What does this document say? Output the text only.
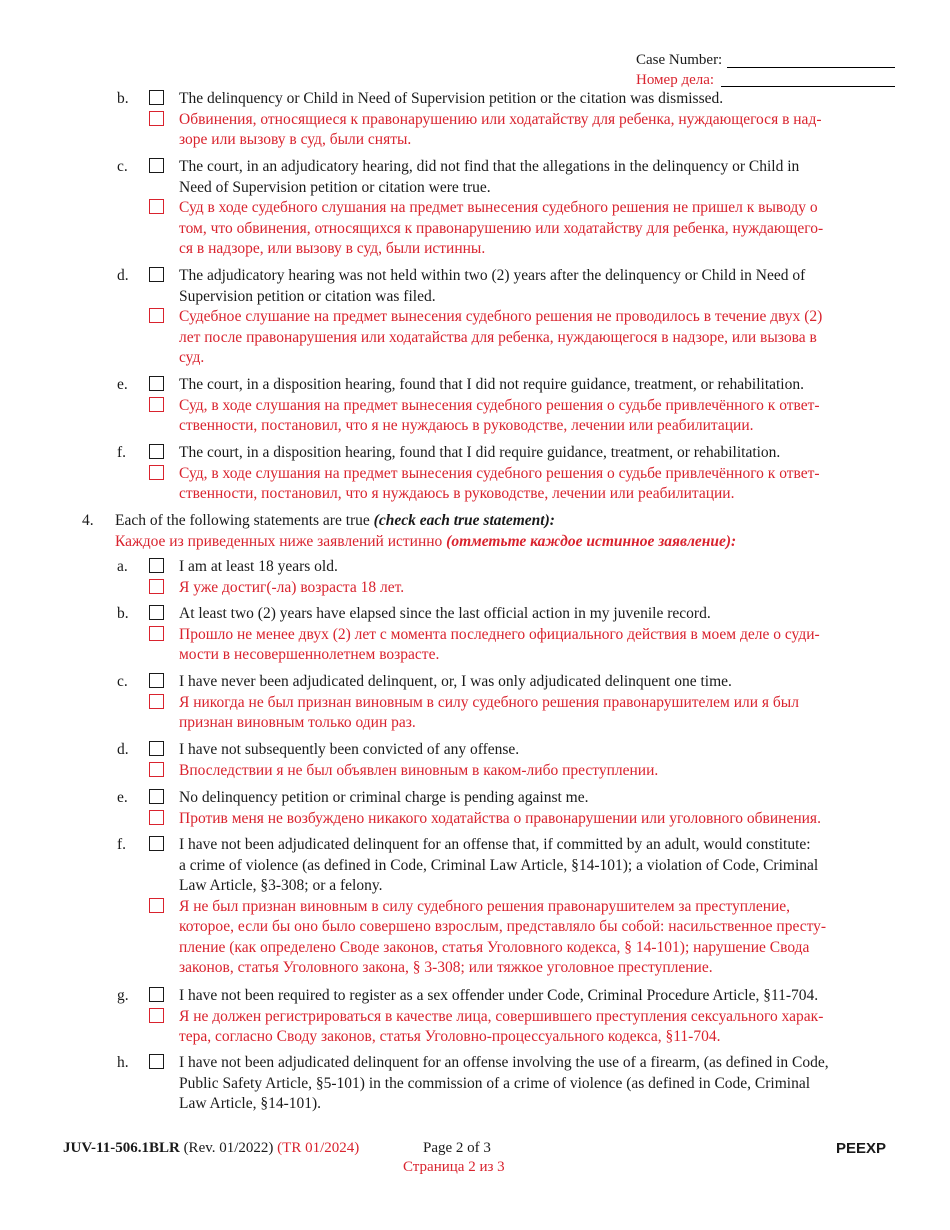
Case Number:
Номер дела:
b.	The delinquency or Child in Need of Supervision petition or the citation was dismissed.
Обвинения, относящиеся к правонарушению или ходатайству для ребенка, нуждающегося в над-
зоре или вызову в суд, были сняты.
c.	The court, in an adjudicatory hearing, did not find that the allegations in the delinquency or Child in
Need of Supervision petition or citation were true.
Суд в ходе судебного слушания на предмет вынесения судебного решения не пришел к выводу о
том, что обвинения, относящихся к правонарушению или ходатайству для ребенка, нуждающего-
ся в надзоре, или вызову в суд, были истинны.
d.	The adjudicatory hearing was not held within two (2) years after the delinquency or Child in Need of
Supervision petition or citation was filed.
Судебное слушание на предмет вынесения судебного решения не проводилось в течение двух (2)
лет после правонарушения или ходатайства для ребенка, нуждающегося в надзоре, или вызова в
суд.
e.	The court, in a disposition hearing, found that I did not require guidance, treatment, or rehabilitation.
Суд, в ходе слушания на предмет вынесения судебного решения о судьбе привлечённого к ответ-
ственности, постановил, что я не нуждаюсь в руководстве, лечении или реабилитации.
f.	The court, in a disposition hearing, found that I did require guidance, treatment, or rehabilitation.
Суд, в ходе слушания на предмет вынесения судебного решения о судьбе привлечённого к ответ-
ственности, постановил, что я нуждаюсь в руководстве, лечении или реабилитации.
4. Each of the following statements are true (check each true statement):
Каждое из приведенных ниже заявлений истинно (отметьте каждое истинное заявление):
a.	I am at least 18 years old.
Я уже достиг(-ла) возраста 18 лет.
b.	At least two (2) years have elapsed since the last official action in my juvenile record.
Прошло не менее двух (2) лет с момента последнего официального действия в моем деле о суди-
мости в несовершеннолетнем возрасте.
c.	I have never been adjudicated delinquent, or, I was only adjudicated delinquent one time.
Я никогда не был признан виновным в силу судебного решения правонарушителем или я был
признан виновным только один раз.
d.	I have not subsequently been convicted of any offense.
Впоследствии я не был объявлен виновным в каком-либо преступлении.
e.	No delinquency petition or criminal charge is pending against me.
Против меня не возбуждено никакого ходатайства о правонарушении или уголовного обвинения.
f.	I have not been adjudicated delinquent for an offense that, if committed by an adult, would constitute:
a crime of violence (as defined in Code, Criminal Law Article, §14-101); a violation of Code, Criminal
Law Article, §3-308; or a felony.
Я не был признан виновным в силу судебного решения правонарушителем за преступление,
которое, если бы оно было совершено взрослым, представляло бы собой: насильственное престу-
пление (как определено Своде законов, статья Уголовного кодекса, § 14-101); нарушение Свода
законов, статья Уголовного закона, § 3-308; или тяжкое уголовное преступление.
g.	I have not been required to register as a sex offender under Code, Criminal Procedure Article, §11-704.
Я не должен регистрироваться в качестве лица, совершившего преступления сексуального харак-
тера, согласно Своду законов, статья Уголовно-процессуального кодекса, §11-704.
h.	I have not been adjudicated delinquent for an offense involving the use of a firearm, (as defined in Code,
Public Safety Article, §5-101) in the commission of a crime of violence (as defined in Code, Criminal
Law Article, §14-101).
JUV-11-506.1BLR (Rev. 01/2022) (TR 01/2024)	Page 2 of 3
Страница 2 из 3
PEEXP
